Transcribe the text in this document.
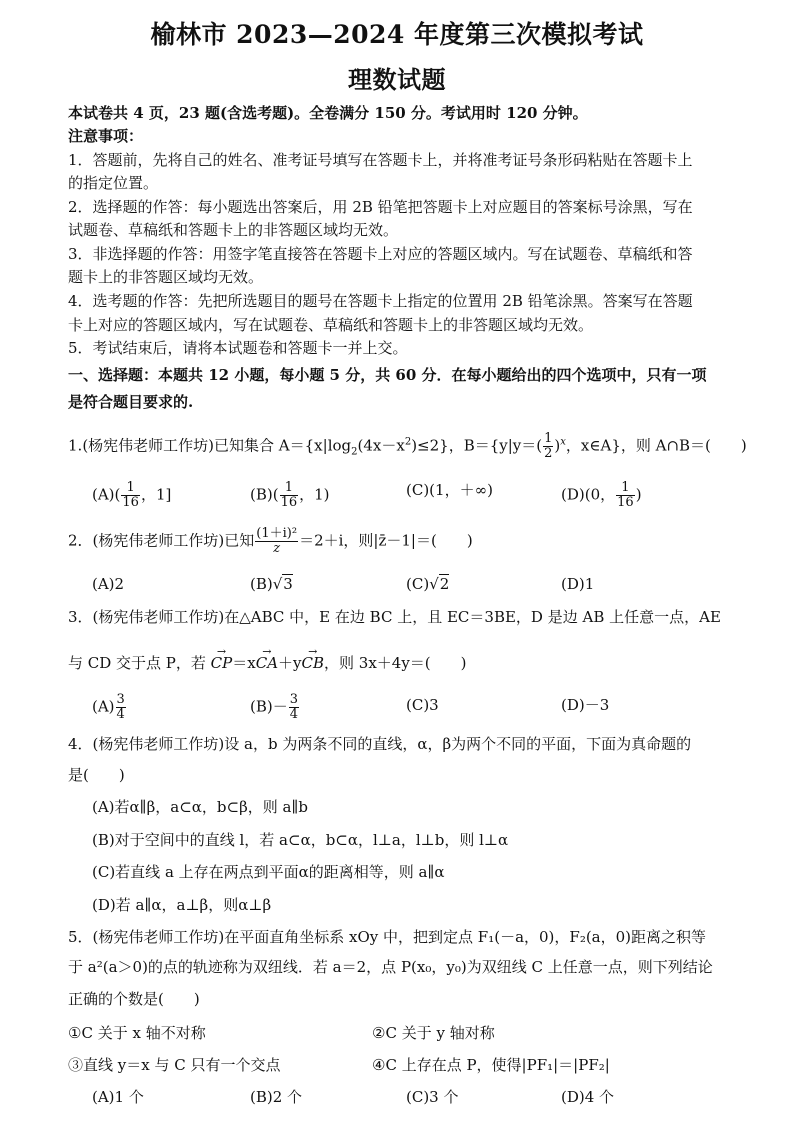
榆林市 2023—2024 年度第三次模拟考试
理数试题
本试卷共 4 页，23 题(含选考题)。全卷满分 150 分。考试用时 120 分钟。
注意事项：
1．答题前，先将自己的姓名、准考证号填写在答题卡上，并将准考证号条形码粘贴在答题卡上
的指定位置。
2．选择题的作答：每小题选出答案后，用 2B 铅笔把答题卡上对应题目的答案标号涂黑，写在
试题卷、草稿纸和答题卡上的非答题区域均无效。
3．非选择题的作答：用签字笔直接答在答题卡上对应的答题区域内。写在试题卷、草稿纸和答
题卡上的非答题区域均无效。
4．选考题的作答：先把所选题目的题号在答题卡上指定的位置用 2B 铅笔涂黑。答案写在答题
卡上对应的答题区域内，写在试题卷、草稿纸和答题卡上的非答题区域均无效。
5．考试结束后，请将本试题卷和答题卡一并上交。
一、选择题：本题共 12 小题，每小题 5 分，共 60 分．在每小题给出的四个选项中，只有一项
是符合题目要求的.
1.(杨宪伟老师工作坊)已知集合 $A=\{x|\log_2(4x-x^2)\le 2\}$，$B=\{y|y=( \frac{1}{2} )^x$，x∈A}，则 A∩B＝(　　)
$(A)( \frac{1}{16}$ ，1]	$(B)( \frac{1}{16}$ ，1)	(C)(1，＋∞)	(D)(0， $\frac{1}{16}$ )
2．(杨宪伟老师工作坊)已知 $\frac{\text{(1＋i)²}}{z} =2+i$，则|z̄－1|＝(　　)
(A)2	(B)√3	(C)√2	(D)1
3．(杨宪伟老师工作坊)在△ABC 中，E 在边 BC 上，且 EC＝3BE，D 是边 AB 上任意一点，AE
与 CD 交于点 P，若 → CP＝x→ CA＋y→ CB，则 3x＋4y＝(　　)
$(A) \frac{3}{4}$	$(B)- \frac{3}{4}$	(C)3	(D)－3
4．(杨宪伟老师工作坊)设 a，b 为两条不同的直线，α，β为两个不同的平面，下面为真命题的
是(　　)
(A)若α∥β，a⊂α，b⊂β，则 a∥b
(B)对于空间中的直线 l，若 a⊂α，b⊂α，l⊥a，l⊥b，则 l⊥α
(C)若直线 a 上存在两点到平面α的距离相等，则 a∥α
(D)若 a∥α，a⊥β，则α⊥β
5．(杨宪伟老师工作坊)在平面直角坐标系 xOy 中，把到定点 F₁(－a，0)，F₂(a，0)距离之积等
于 a²(a＞0)的点的轨迹称为双纽线．若 a＝2，点 P(x₀，y₀)为双纽线 C 上任意一点，则下列结论
正确的个数是(　　)
①C 关于 x 轴不对称	②C 关于 y 轴对称
③直线 y＝x 与 C 只有一个交点	④C 上存在点 P，使得|PF₁|＝|PF₂|
(A)1 个	(B)2 个	(C)3 个	(D)4 个
